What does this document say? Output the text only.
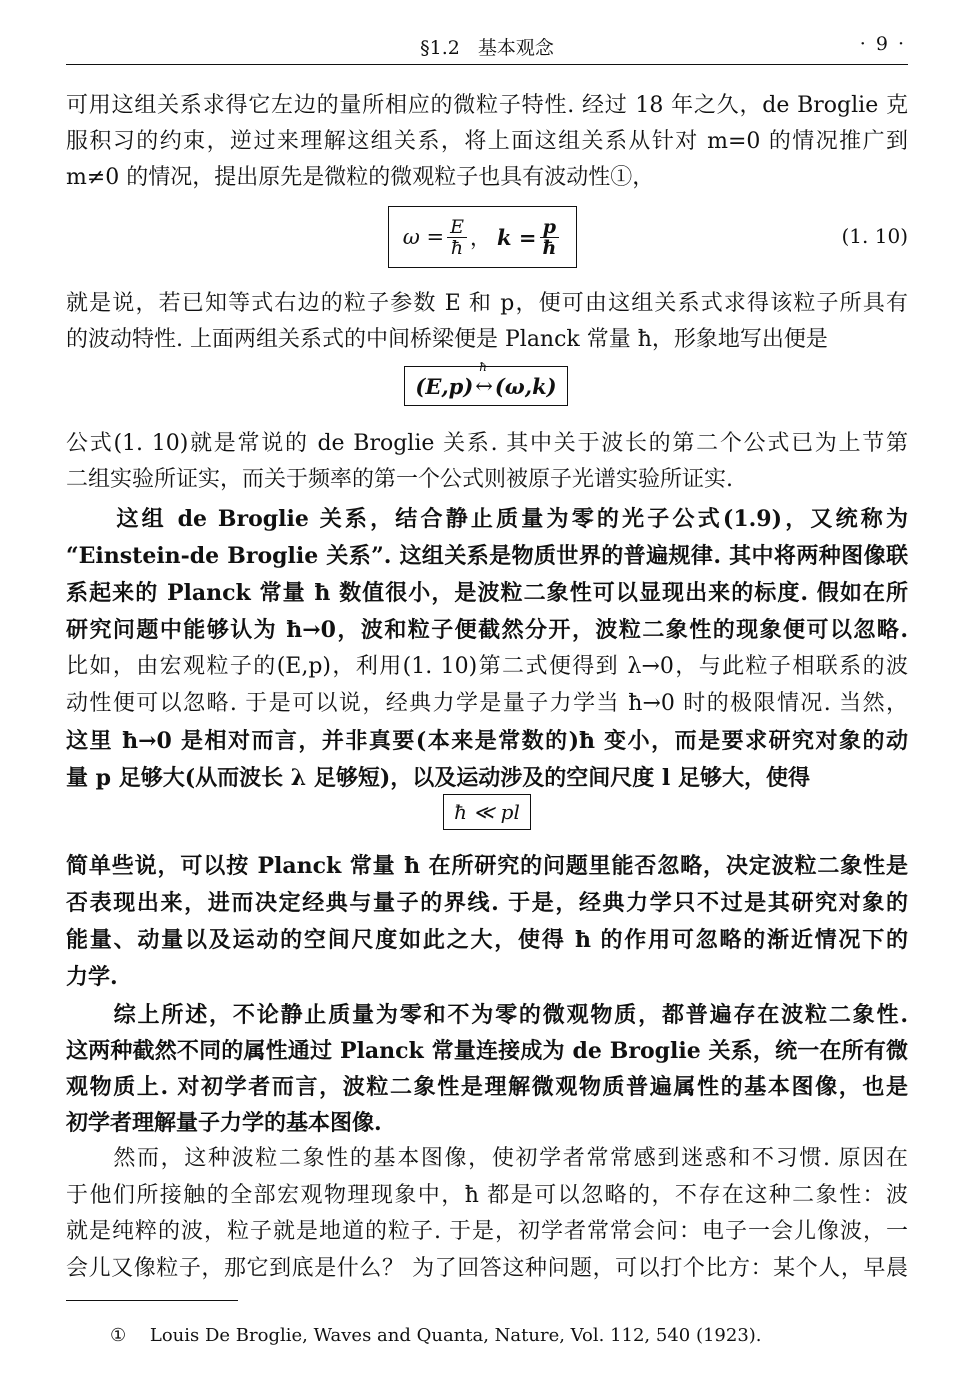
§1.2 基本观念	· 9 ·
可用这组关系求得它左边的量所相应的微粒子特性. 经过 18 年之久，de Broglie 克
服积习的约束，逆过来理解这组关系，将上面这组关系从针对 m=0 的情况推广到
m≠0 的情况，提出原先是微粒的微观粒子也具有波动性①，
就是说，若已知等式右边的粒子参数 E 和 p，便可由这组关系式求得该粒子所具有
的波动特性. 上面两组关系式的中间桥梁便是 Planck 常量 ħ，形象地写出便是
公式(1. 10)就是常说的 de Broglie 关系. 其中关于波长的第二个公式已为上节第
二组实验所证实，而关于频率的第一个公式则被原子光谱实验所证实.
　　这组 de Broglie 关系，结合静止质量为零的光子公式(1.9)，又统称为
“Einstein-de Broglie 关系”. 这组关系是物质世界的普遍规律. 其中将两种图像联
系起来的 Planck 常量 ħ 数值很小，是波粒二象性可以显现出来的标度. 假如在所
研究问题中能够认为 ħ→0，波和粒子便截然分开，波粒二象性的现象便可以忽略.
比如，由宏观粒子的(E,p)，利用(1. 10)第二式便得到 λ→0，与此粒子相联系的波
动性便可以忽略. 于是可以说，经典力学是量子力学当 ħ→0 时的极限情况. 当然，
这里 ħ→0 是相对而言，并非真要(本来是常数的)ħ 变小，而是要求研究对象的动
量 p 足够大(从而波长 λ 足够短)，以及运动涉及的空间尺度 l 足够大，使得
简单些说，可以按 Planck 常量 ħ 在所研究的问题里能否忽略，决定波粒二象性是
否表现出来，进而决定经典与量子的界线. 于是，经典力学只不过是其研究对象的
能量、动量以及运动的空间尺度如此之大，使得 ħ 的作用可忽略的渐近情况下的
力学.
　　综上所述，不论静止质量为零和不为零的微观物质，都普遍存在波粒二象性.
这两种截然不同的属性通过 Planck 常量连接成为 de Broglie 关系，统一在所有微
观物质上. 对初学者而言，波粒二象性是理解微观物质普遍属性的基本图像，也是
初学者理解量子力学的基本图像.
　　然而，这种波粒二象性的基本图像，使初学者常常感到迷惑和不习惯. 原因在
于他们所接触的全部宏观物理现象中，ħ 都是可以忽略的，不存在这种二象性：波
就是纯粹的波，粒子就是地道的粒子. 于是，初学者常常会问：电子一会儿像波，一
会儿又像粒子，那它到底是什么？ 为了回答这种问题，可以打个比方：某个人，早晨
$\omega = \frac{E}{ħ}$ ， $k = \frac{p}{ħ}$	(1. 10)
(E,p)
ħ
↔ (ω,k)
ħ ≪ pl
① Louis De Broglie, Waves and Quanta, Nature, Vol. 112, 540 (1923).
